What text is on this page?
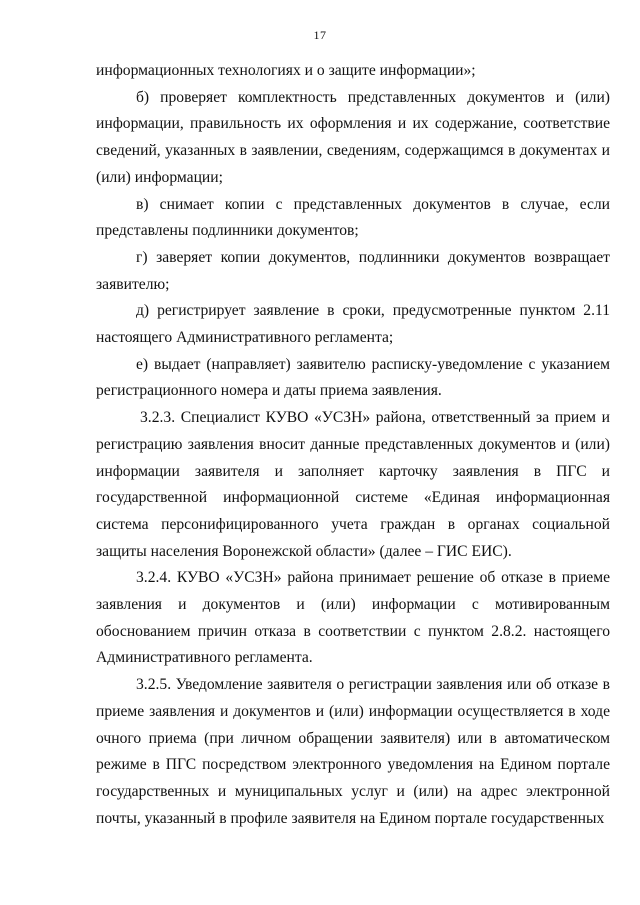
17

информационных технологиях и о защите информации»;

б) проверяет комплектность представленных документов и (или) информации, правильность их оформления и их содержание, соответствие сведений, указанных в заявлении, сведениям, содержащимся в документах и (или) информации;

в) снимает копии с представленных документов в случае, если представлены подлинники документов;

г) заверяет копии документов, подлинники документов возвращает заявителю;

д) регистрирует заявление в сроки, предусмотренные пунктом 2.11 настоящего Административного регламента;

е) выдает (направляет) заявителю расписку-уведомление с указанием регистрационного номера и даты приема заявления.

3.2.3. Специалист КУВО «УСЗН» района, ответственный за прием и регистрацию заявления вносит данные представленных документов и (или) информации заявителя и заполняет карточку заявления в ПГС и государственной информационной системе «Единая информационная система персонифицированного учета граждан в органах социальной защиты населения Воронежской области» (далее – ГИС ЕИС).

3.2.4. КУВО «УСЗН» района принимает решение об отказе в приеме заявления и документов и (или) информации с мотивированным обоснованием причин отказа в соответствии с пунктом 2.8.2. настоящего Административного регламента.

3.2.5. Уведомление заявителя о регистрации заявления или об отказе в приеме заявления и документов и (или) информации осуществляется в ходе очного приема (при личном обращении заявителя) или в автоматическом режиме в ПГС посредством электронного уведомления на Едином портале государственных и муниципальных услуг и (или) на адрес электронной почты, указанный в профиле заявителя на Едином портале государственных
